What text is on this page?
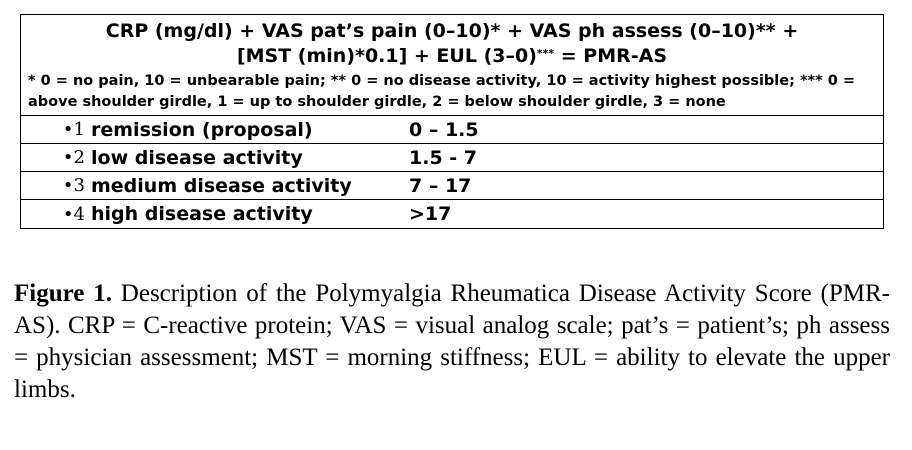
CRP (mg/dl) + VAS pat’s pain (0–10)* + VAS ph assess (0–10)** +
[MST (min)*0.1] + EUL (3–0)*** = PMR-AS
* 0 = no pain, 10 = unbearable pain; ** 0 = no disease activity, 10 = activity highest possible; *** 0 = above shoulder girdle, 1 = up to shoulder girdle, 2 = below shoulder girdle, 3 = none
•1 remission (proposal)	0 – 1.5
•2 low disease activity	1.5 - 7
•3 medium disease activity	7 – 17
•4 high disease activity	>17
Figure 1. Description of the Polymyalgia Rheumatica Disease Activity Score (PMR-AS). CRP = C-reactive protein; VAS = visual analog scale; pat’s = patient’s; ph assess = physician assessment; MST = morning stiffness; EUL = ability to elevate the upper limbs.
